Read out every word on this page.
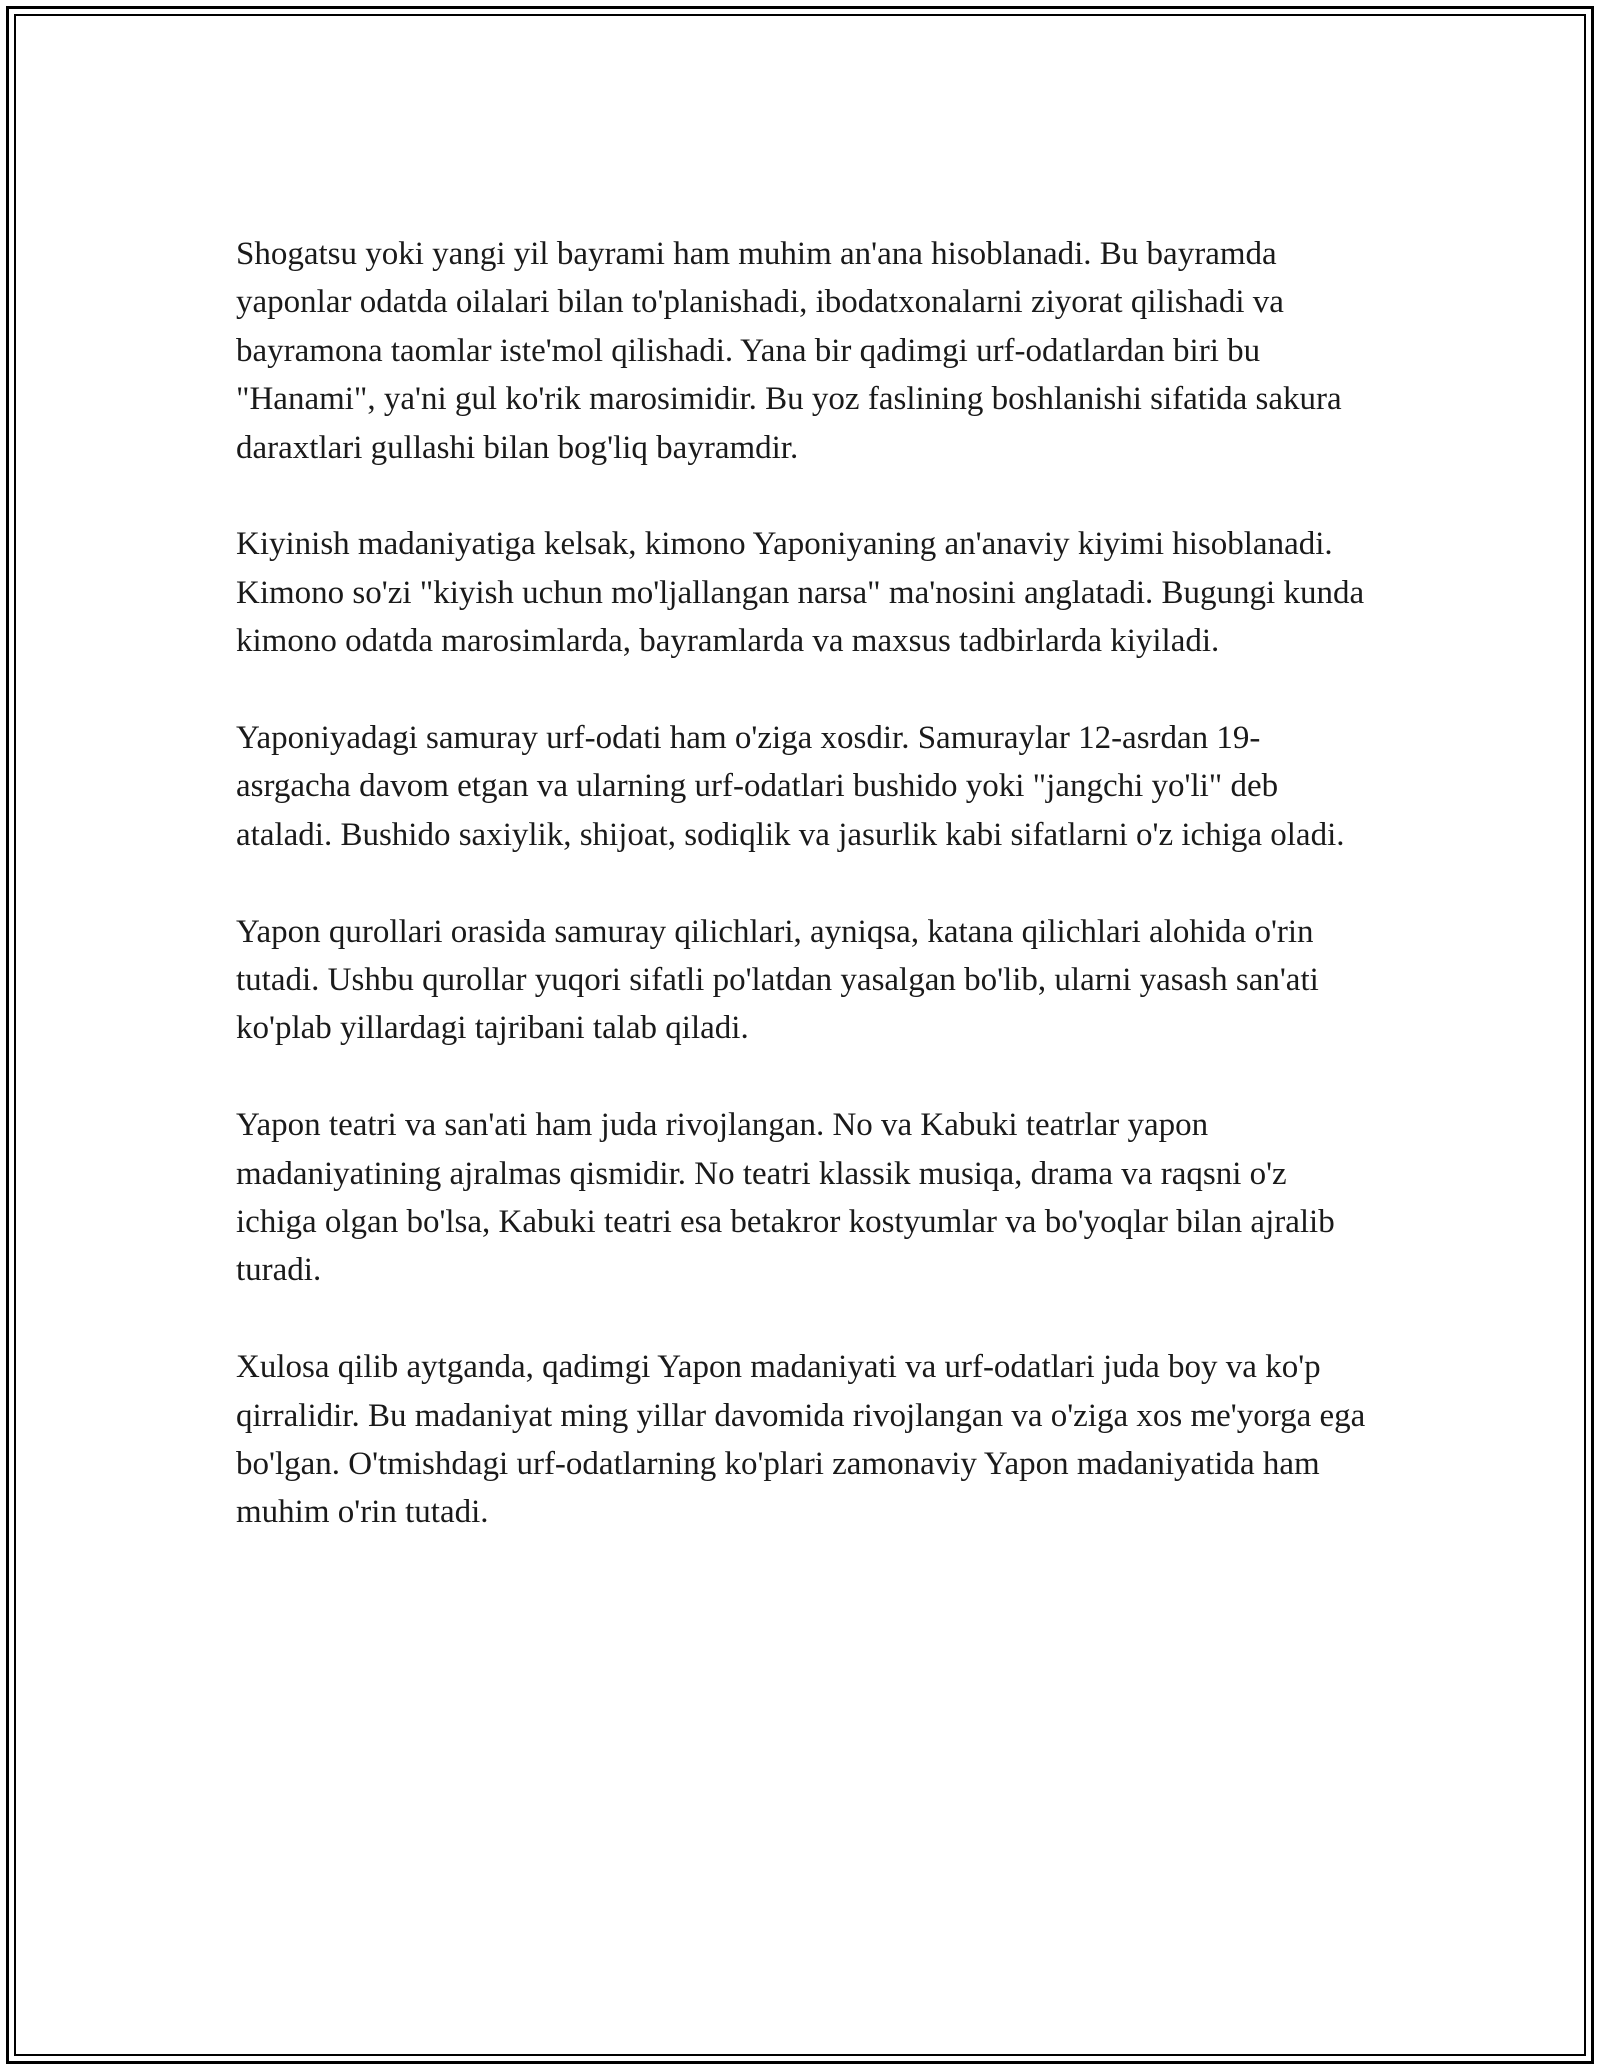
Shogatsu yoki yangi yil bayrami ham muhim an'ana hisoblanadi. Bu bayramda yaponlar odatda oilalari bilan to'planishadi, ibodatxonalarni ziyorat qilishadi va bayramona taomlar iste'mol qilishadi. Yana bir qadimgi urf-odatlardan biri bu "Hanami", ya'ni gul ko'rik marosimidir. Bu yoz faslining boshlanishi sifatida sakura daraxtlari gullashi bilan bog'liq bayramdir.

Kiyinish madaniyatiga kelsak, kimono Yaponiyaning an'anaviy kiyimi hisoblanadi. Kimono so'zi "kiyish uchun mo'ljallangan narsa" ma'nosini anglatadi. Bugungi kunda kimono odatda marosimlarda, bayramlarda va maxsus tadbirlarda kiyiladi.

Yaponiyadagi samuray urf-odati ham o'ziga xosdir. Samuraylar 12-asrdan 19-asrgacha davom etgan va ularning urf-odatlari bushido yoki "jangchi yo'li" deb ataladi. Bushido saxiylik, shijoat, sodiqlik va jasurlik kabi sifatlarni o'z ichiga oladi.

Yapon qurollari orasida samuray qilichlari, ayniqsa, katana qilichlari alohida o'rin tutadi. Ushbu qurollar yuqori sifatli po'latdan yasalgan bo'lib, ularni yasash san'ati ko'plab yillardagi tajribani talab qiladi.

Yapon teatri va san'ati ham juda rivojlangan. No va Kabuki teatrlar yapon madaniyatining ajralmas qismidir. No teatri klassik musiqa, drama va raqsni o'z ichiga olgan bo'lsa, Kabuki teatri esa betakror kostyumlar va bo'yoqlar bilan ajralib turadi.

Xulosa qilib aytganda, qadimgi Yapon madaniyati va urf-odatlari juda boy va ko'p qirralidir. Bu madaniyat ming yillar davomida rivojlangan va o'ziga xos me'yorga ega bo'lgan. O'tmishdagi urf-odatlarning ko'plari zamonaviy Yapon madaniyatida ham muhim o'rin tutadi.
